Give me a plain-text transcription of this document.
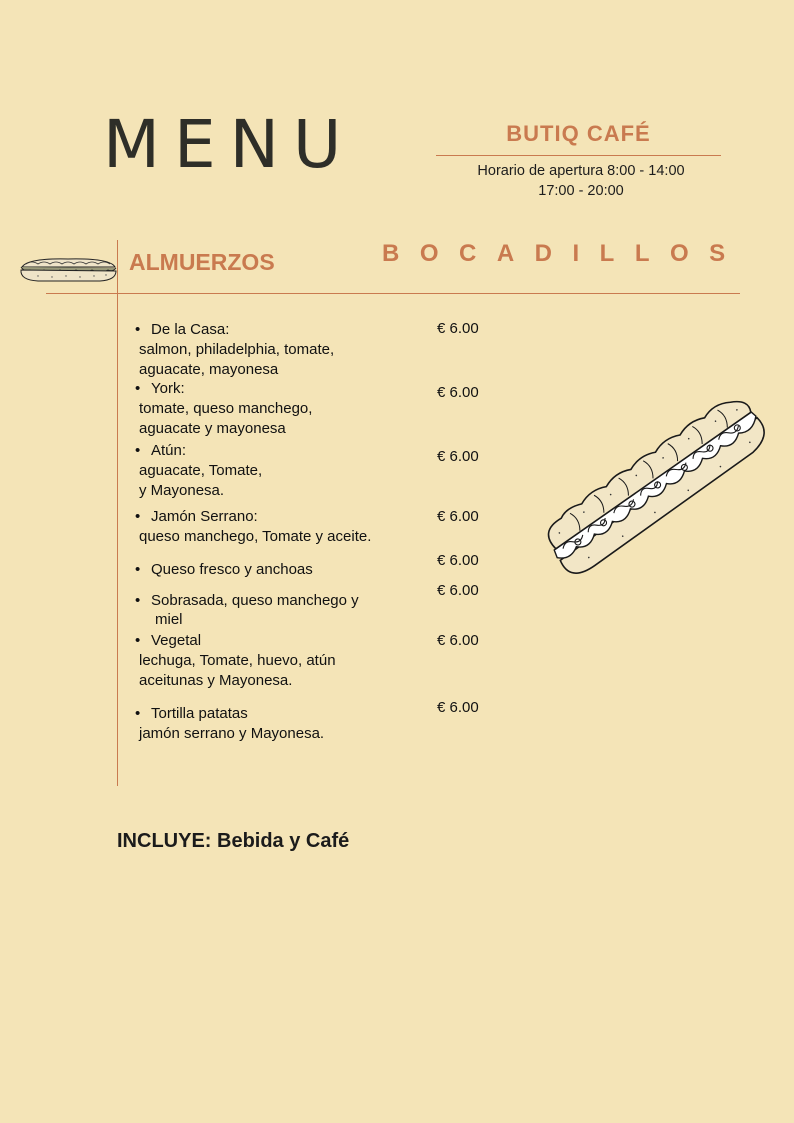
MENU	BUTIQ CAFÉ
Horario de apertura 8:00 - 14:00
17:00 - 20:00
ALMUERZOS	BOCADILLOS
• De la Casa:
salmon, philadelphia, tomate,
aguacate, mayonesa
€ 6.00
• York:
tomate, queso manchego,
aguacate y mayonesa
€ 6.00
• Atún:
aguacate, Tomate,
y Mayonesa.
€ 6.00
• Jamón Serrano:
queso manchego, Tomate y aceite.
€ 6.00
• Queso fresco y anchoas
€ 6.00
• Sobrasada, queso manchego y
miel
€ 6.00
• Vegetal
lechuga, Tomate, huevo, atún
aceitunas y Mayonesa.
€ 6.00
• Tortilla patatas
jamón serrano y Mayonesa.
€ 6.00
INCLUYE: Bebida y Café
